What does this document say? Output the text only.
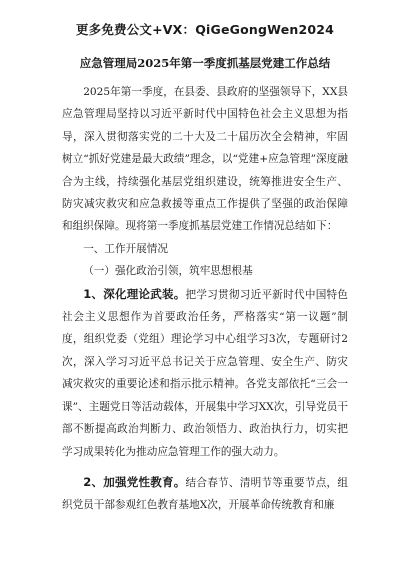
更多免费公文+VX：QiGeGongWen2024
应急管理局2025年第一季度抓基层党建工作总结

2025年第一季度，在县委、县政府的坚强领导下，XX县应急管理局坚持以习近平新时代中国特色社会主义思想为指导，深入贯彻落实党的二十大及二十届历次全会精神，牢固树立“抓好党建是最大政绩”理念，以“党建+应急管理”深度融合为主线，持续强化基层党组织建设，统筹推进安全生产、防灾减灾救灾和应急救援等重点工作提供了坚强的政治保障和组织保障。现将第一季度抓基层党建工作情况总结如下：

一、工作开展情况

（一）强化政治引领，筑牢思想根基

1、深化理论武装。把学习贯彻习近平新时代中国特色社会主义思想作为首要政治任务，严格落实“第一议题”制度，组织党委（党组）理论学习中心组学习3次，专题研讨2次，深入学习习近平总书记关于应急管理、安全生产、防灾减灾救灾的重要论述和指示批示精神。各党支部依托“三会一课”、主题党日等活动载体，开展集中学习XX次，引导党员干部不断提高政治判断力、政治领悟力、政治执行力，切实把学习成果转化为推动应急管理工作的强大动力。

2、加强党性教育。结合春节、清明节等重要节点，组织党员干部参观红色教育基地X次，开展革命传统教育和廉
